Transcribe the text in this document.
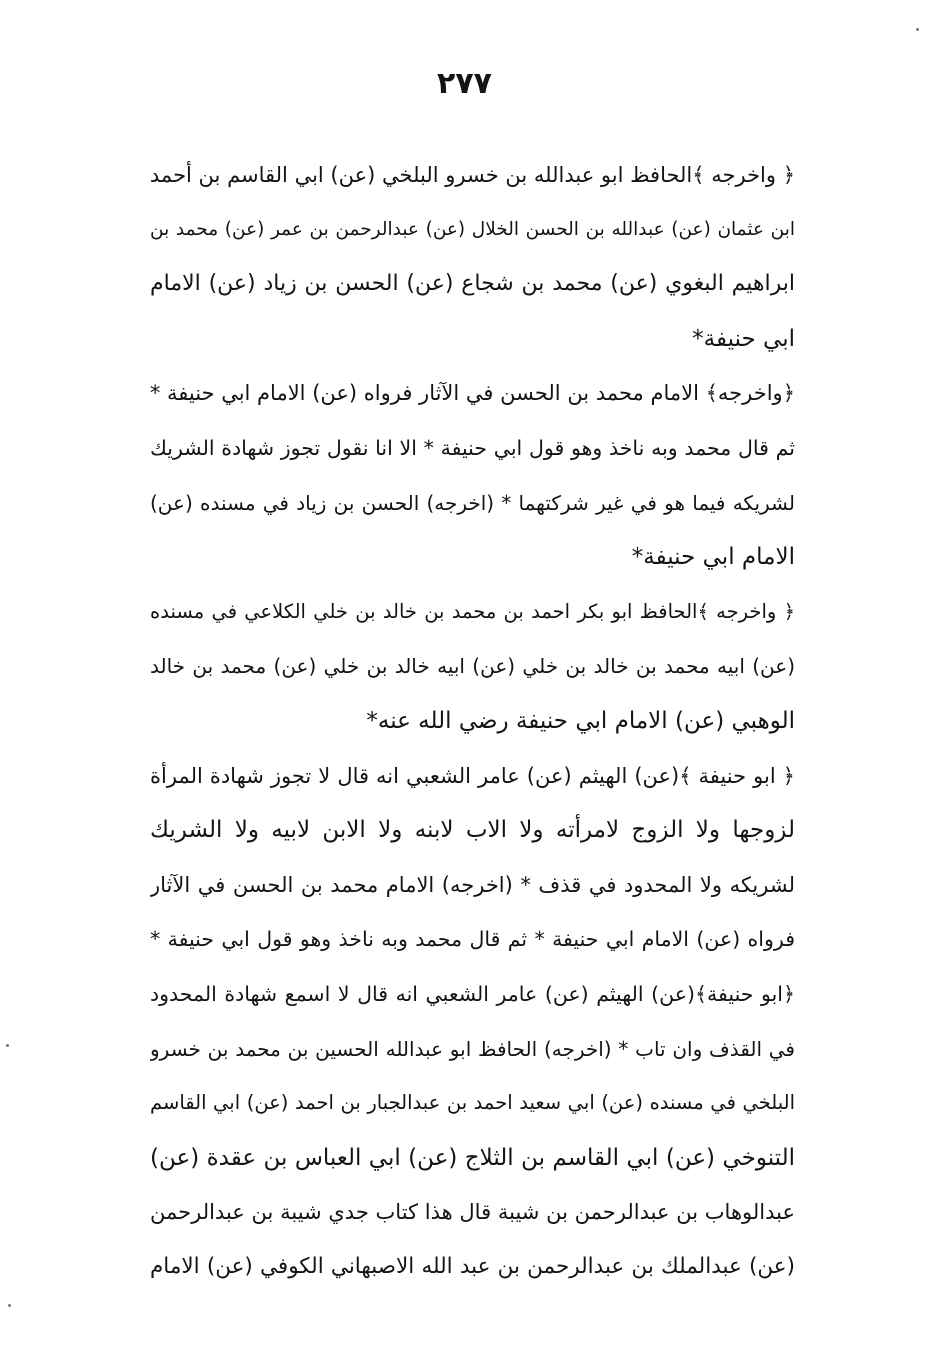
٢٧٧
﴿ واخرجه ﴾الحافظ ابو عبدالله بن خسرو البلخي (عن) ابي القاسم بن أحمد
ابن عثمان (عن) عبدالله بن الحسن الخلال (عن) عبدالرحمن بن عمر (عن) محمد بن
ابراهيم البغوي (عن) محمد بن شجاع (عن) الحسن بن زياد (عن) الامام
ابي حنيفة*
﴿واخرجه﴾ الامام محمد بن الحسن في الآثار فرواه (عن) الامام ابي حنيفة *
ثم قال محمد وبه ناخذ وهو قول ابي حنيفة * الا انا نقول تجوز شهادة الشريك
لشريكه فيما هو في غير شركتهما * (اخرجه) الحسن بن زياد في مسنده (عن)
الامام ابي حنيفة*
﴿ واخرجه ﴾الحافظ ابو بكر احمد بن محمد بن خالد بن خلي الكلاعي في مسنده
(عن) ابيه محمد بن خالد بن خلي (عن) ابيه خالد بن خلي (عن) محمد بن خالد
الوهبي (عن) الامام ابي حنيفة رضي الله عنه*
﴿ ابو حنيفة ﴾(عن) الهيثم (عن) عامر الشعبي انه قال لا تجوز شهادة المرأة
لزوجها ولا الزوج لامرأته ولا الاب لابنه ولا الابن لابيه ولا الشريك
لشريكه ولا المحدود في قذف * (اخرجه) الامام محمد بن الحسن في الآثار
فرواه (عن) الامام ابي حنيفة * ثم قال محمد وبه ناخذ وهو قول ابي حنيفة *
﴿ابو حنيفة﴾(عن) الهيثم (عن) عامر الشعبي انه قال لا اسمع شهادة المحدود
في القذف وان تاب * (اخرجه) الحافظ ابو عبدالله الحسين بن محمد بن خسرو
البلخي في مسنده (عن) ابي سعيد احمد بن عبدالجبار بن احمد (عن) ابي القاسم
التنوخي (عن) ابي القاسم بن الثلاج (عن) ابي العباس بن عقدة (عن)
عبدالوهاب بن عبدالرحمن بن شيبة قال هذا كتاب جدي شيبة بن عبدالرحمن
(عن) عبدالملك بن عبدالرحمن بن عبد الله الاصبهاني الكوفي (عن) الامام
